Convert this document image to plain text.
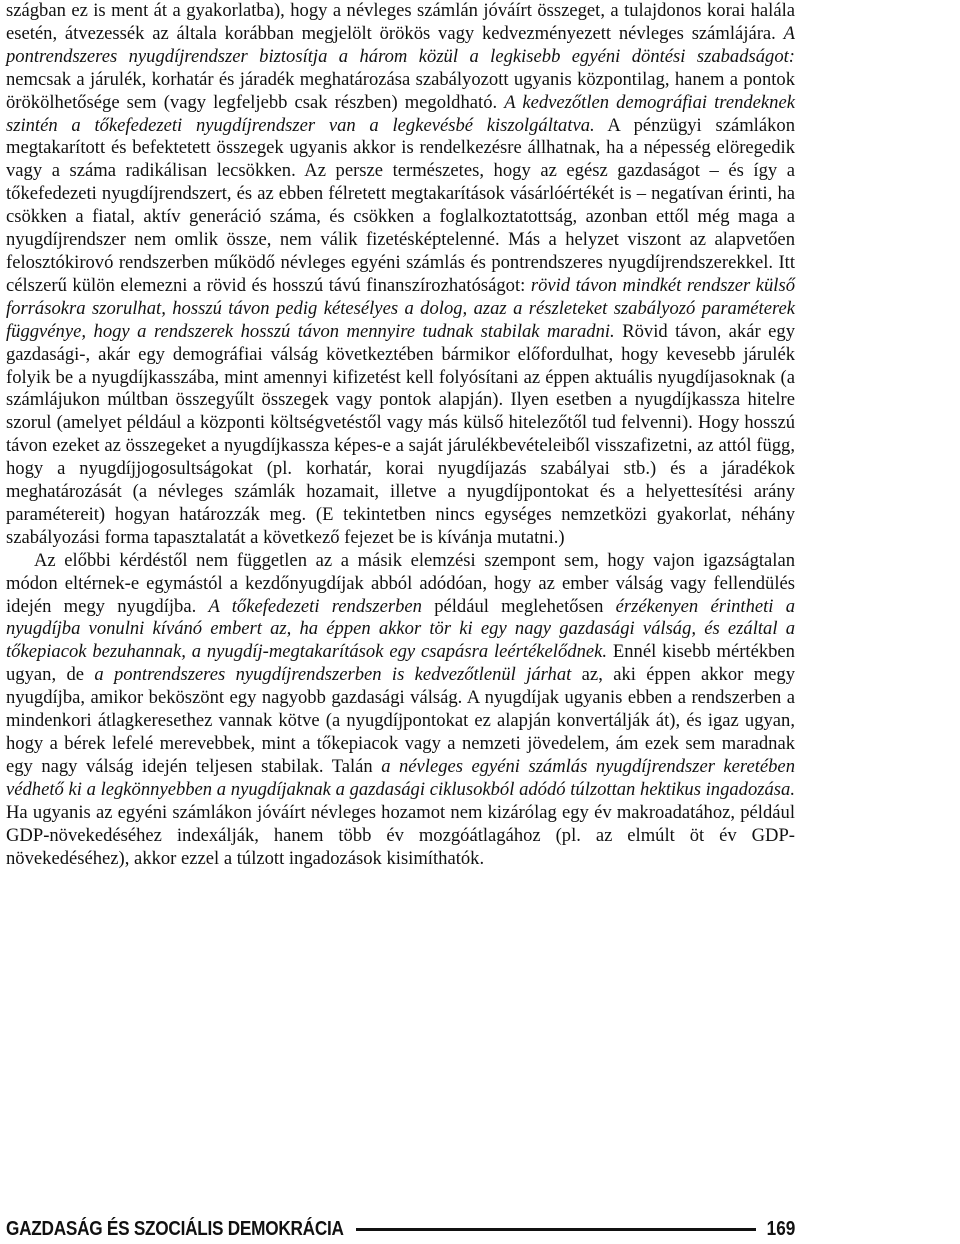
szágban ez is ment át a gyakorlatba), hogy a névleges számlán jóváírt összeget, a tulajdonos korai halála esetén, átvezessék az általa korábban megjelölt örökös vagy kedvezményezett névleges számlájára. A pontrendszeres nyugdíjrendszer biztosítja a három közül a legkisebb egyéni döntési szabadságot: nemcsak a járulék, korhatár és járadék meghatározása szabályozott ugyanis központilag, hanem a pontok örökölhetősége sem (vagy legfeljebb csak részben) megoldható. A kedvezőtlen demográfiai trendeknek szintén a tőkefedezeti nyugdíjrendszer van a legkevésbé kiszolgáltatva. A pénzügyi számlákon megtakarított és befektetett összegek ugyanis akkor is rendelkezésre állhatnak, ha a népesség elöregedik vagy a száma radikálisan lecsökken. Az persze természetes, hogy az egész gazdaságot – és így a tőkefedezeti nyugdíjrendszert, és az ebben félretett megtakarítások vásárlóértékét is – negatívan érinti, ha csökken a fiatal, aktív generáció száma, és csökken a foglalkoztatottság, azonban ettől még maga a nyugdíjrendszer nem omlik össze, nem válik fizetésképtelenné. Más a helyzet viszont az alapvetően felosztókirovó rendszerben működő névleges egyéni számlás és pontrendszeres nyugdíjrendszerekkel. Itt célszerű külön elemezni a rövid és hosszú távú finanszírozhatóságot: rövid távon mindkét rendszer külső forrásokra szorulhat, hosszú távon pedig kétesélyes a dolog, azaz a részleteket szabályozó paraméterek függvénye, hogy a rendszerek hosszú távon mennyire tudnak stabilak maradni. Rövid távon, akár egy gazdasági-, akár egy demográfiai válság következtében bármikor előfordulhat, hogy kevesebb járulék folyik be a nyugdíjkasszába, mint amennyi kifizetést kell folyósítani az éppen aktuális nyugdíjasoknak (a számlájukon múltban összegyűlt összegek vagy pontok alapján). Ilyen esetben a nyugdíjkassza hitelre szorul (amelyet például a központi költségvetéstől vagy más külső hitelezőtől tud felvenni). Hogy hosszú távon ezeket az összegeket a nyugdíjkassza képes-e a saját járulékbevételeiből visszafizetni, az attól függ, hogy a nyugdíjjogosultságokat (pl. korhatár, korai nyugdíjazás szabályai stb.) és a járadékok meghatározását (a névleges számlák hozamait, illetve a nyugdíjpontokat és a helyettesítési arány paramétereit) hogyan határozzák meg. (E tekintetben nincs egységes nemzetközi gyakorlat, néhány szabályozási forma tapasztalatát a következő fejezet be is kívánja mutatni.)

Az előbbi kérdéstől nem független az a másik elemzési szempont sem, hogy vajon igazságtalan módon eltérnek-e egymástól a kezdőnyugdíjak abból adódóan, hogy az ember válság vagy fellendülés idején megy nyugdíjba. A tőkefedezeti rendszerben például meglehetősen érzékenyen érintheti a nyugdíjba vonulni kívánó embert az, ha éppen akkor tör ki egy nagy gazdasági válság, és ezáltal a tőkepiacok bezuhannak, a nyugdíj-megtakarítások egy csapásra leértékelődnek. Ennél kisebb mértékben ugyan, de a pontrendszeres nyugdíjrendszerben is kedvezőtlenül járhat az, aki éppen akkor megy nyugdíjba, amikor beköszönt egy nagyobb gazdasági válság. A nyugdíjak ugyanis ebben a rendszerben a mindenkori átlagkeresethez vannak kötve (a nyugdíjpontokat ez alapján konvertálják át), és igaz ugyan, hogy a bérek lefelé merevebbek, mint a tőkepiacok vagy a nemzeti jövedelem, ám ezek sem maradnak egy nagy válság idején teljesen stabilak. Talán a névleges egyéni számlás nyugdíjrendszer keretében védhető ki a legkönnyebben a nyugdíjaknak a gazdasági ciklusokból adódó túlzottan hektikus ingadozása. Ha ugyanis az egyéni számlákon jóváírt névleges hozamot nem kizárólag egy év makroadatához, például GDP-növekedéséhez indexálják, hanem több év mozgóátlagához (pl. az elmúlt öt év GDP-növekedéséhez), akkor ezzel a túlzott ingadozások kisimíthatók.

GAZDASÁG ÉS SZOCIÁLIS DEMOKRÁCIA	169
